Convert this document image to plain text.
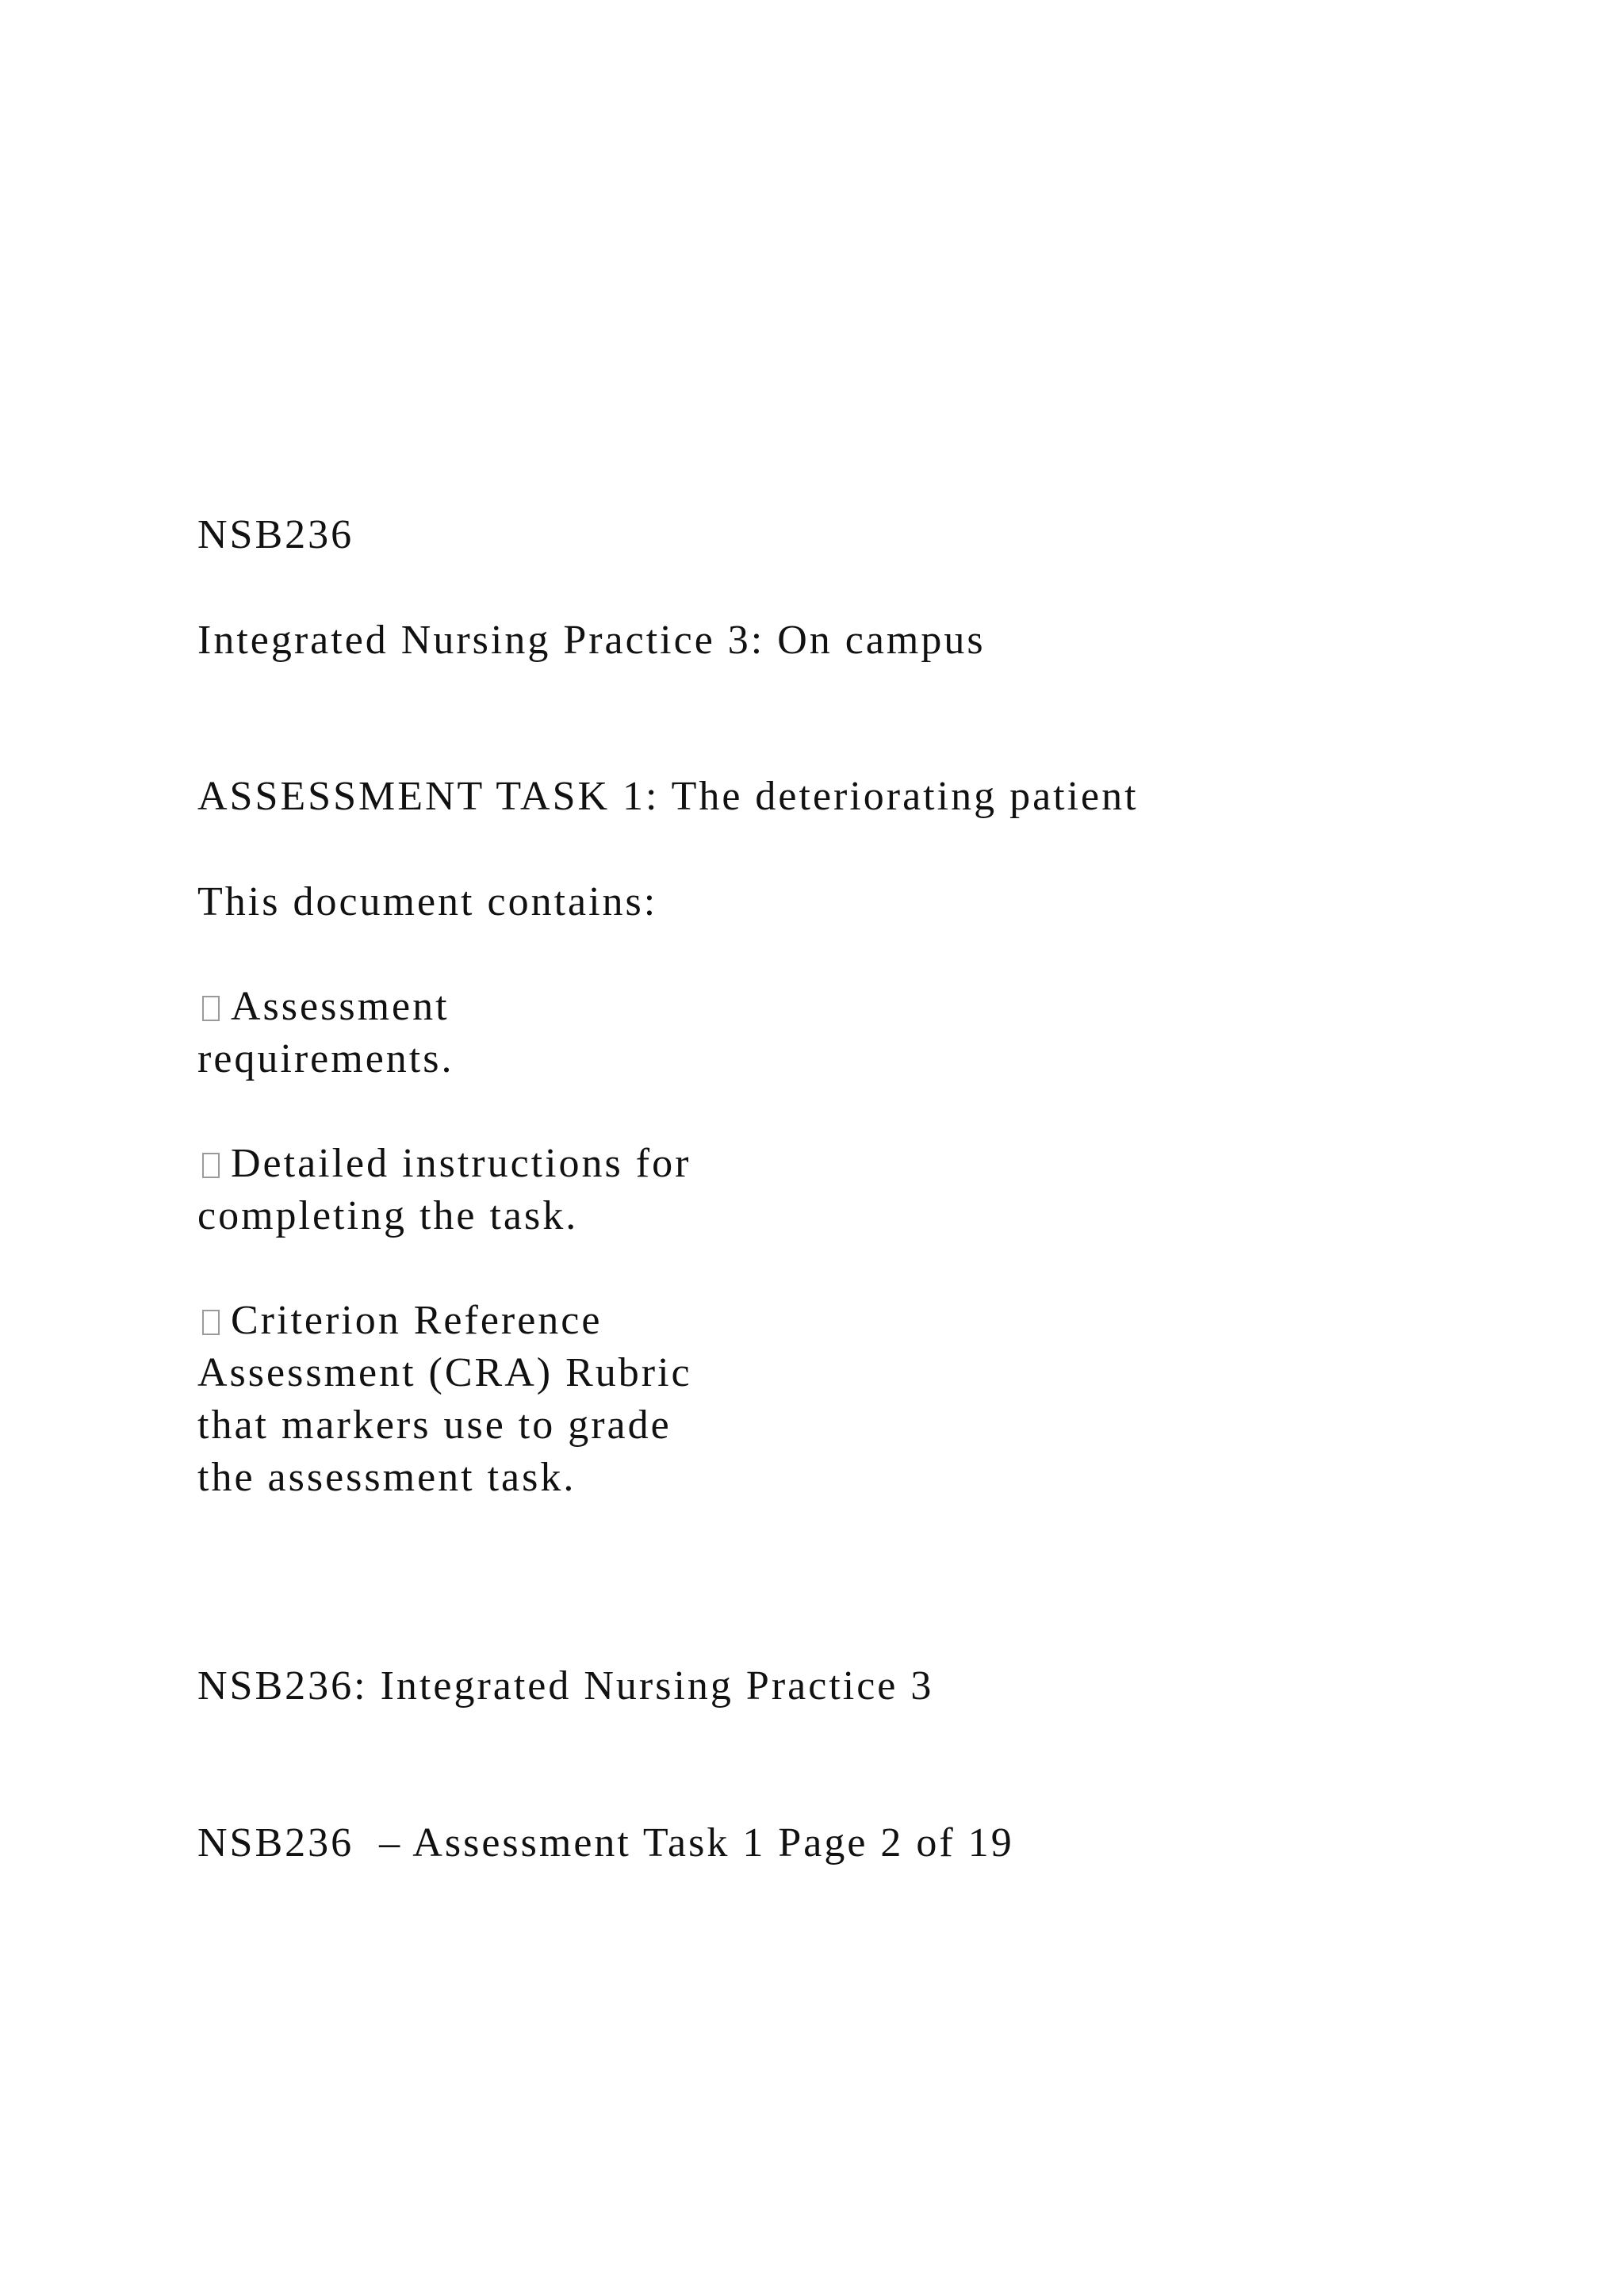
NSB236

Integrated Nursing Practice 3: On campus

ASSESSMENT TASK 1: The deteriorating patient

This document contains:

Assessment
requirements.
Detailed instructions for
completing the task.
Criterion Reference
Assessment (CRA) Rubric
that markers use to grade
the assessment task.

NSB236: Integrated Nursing Practice 3

NSB236  – Assessment Task 1 Page 2 of 19
